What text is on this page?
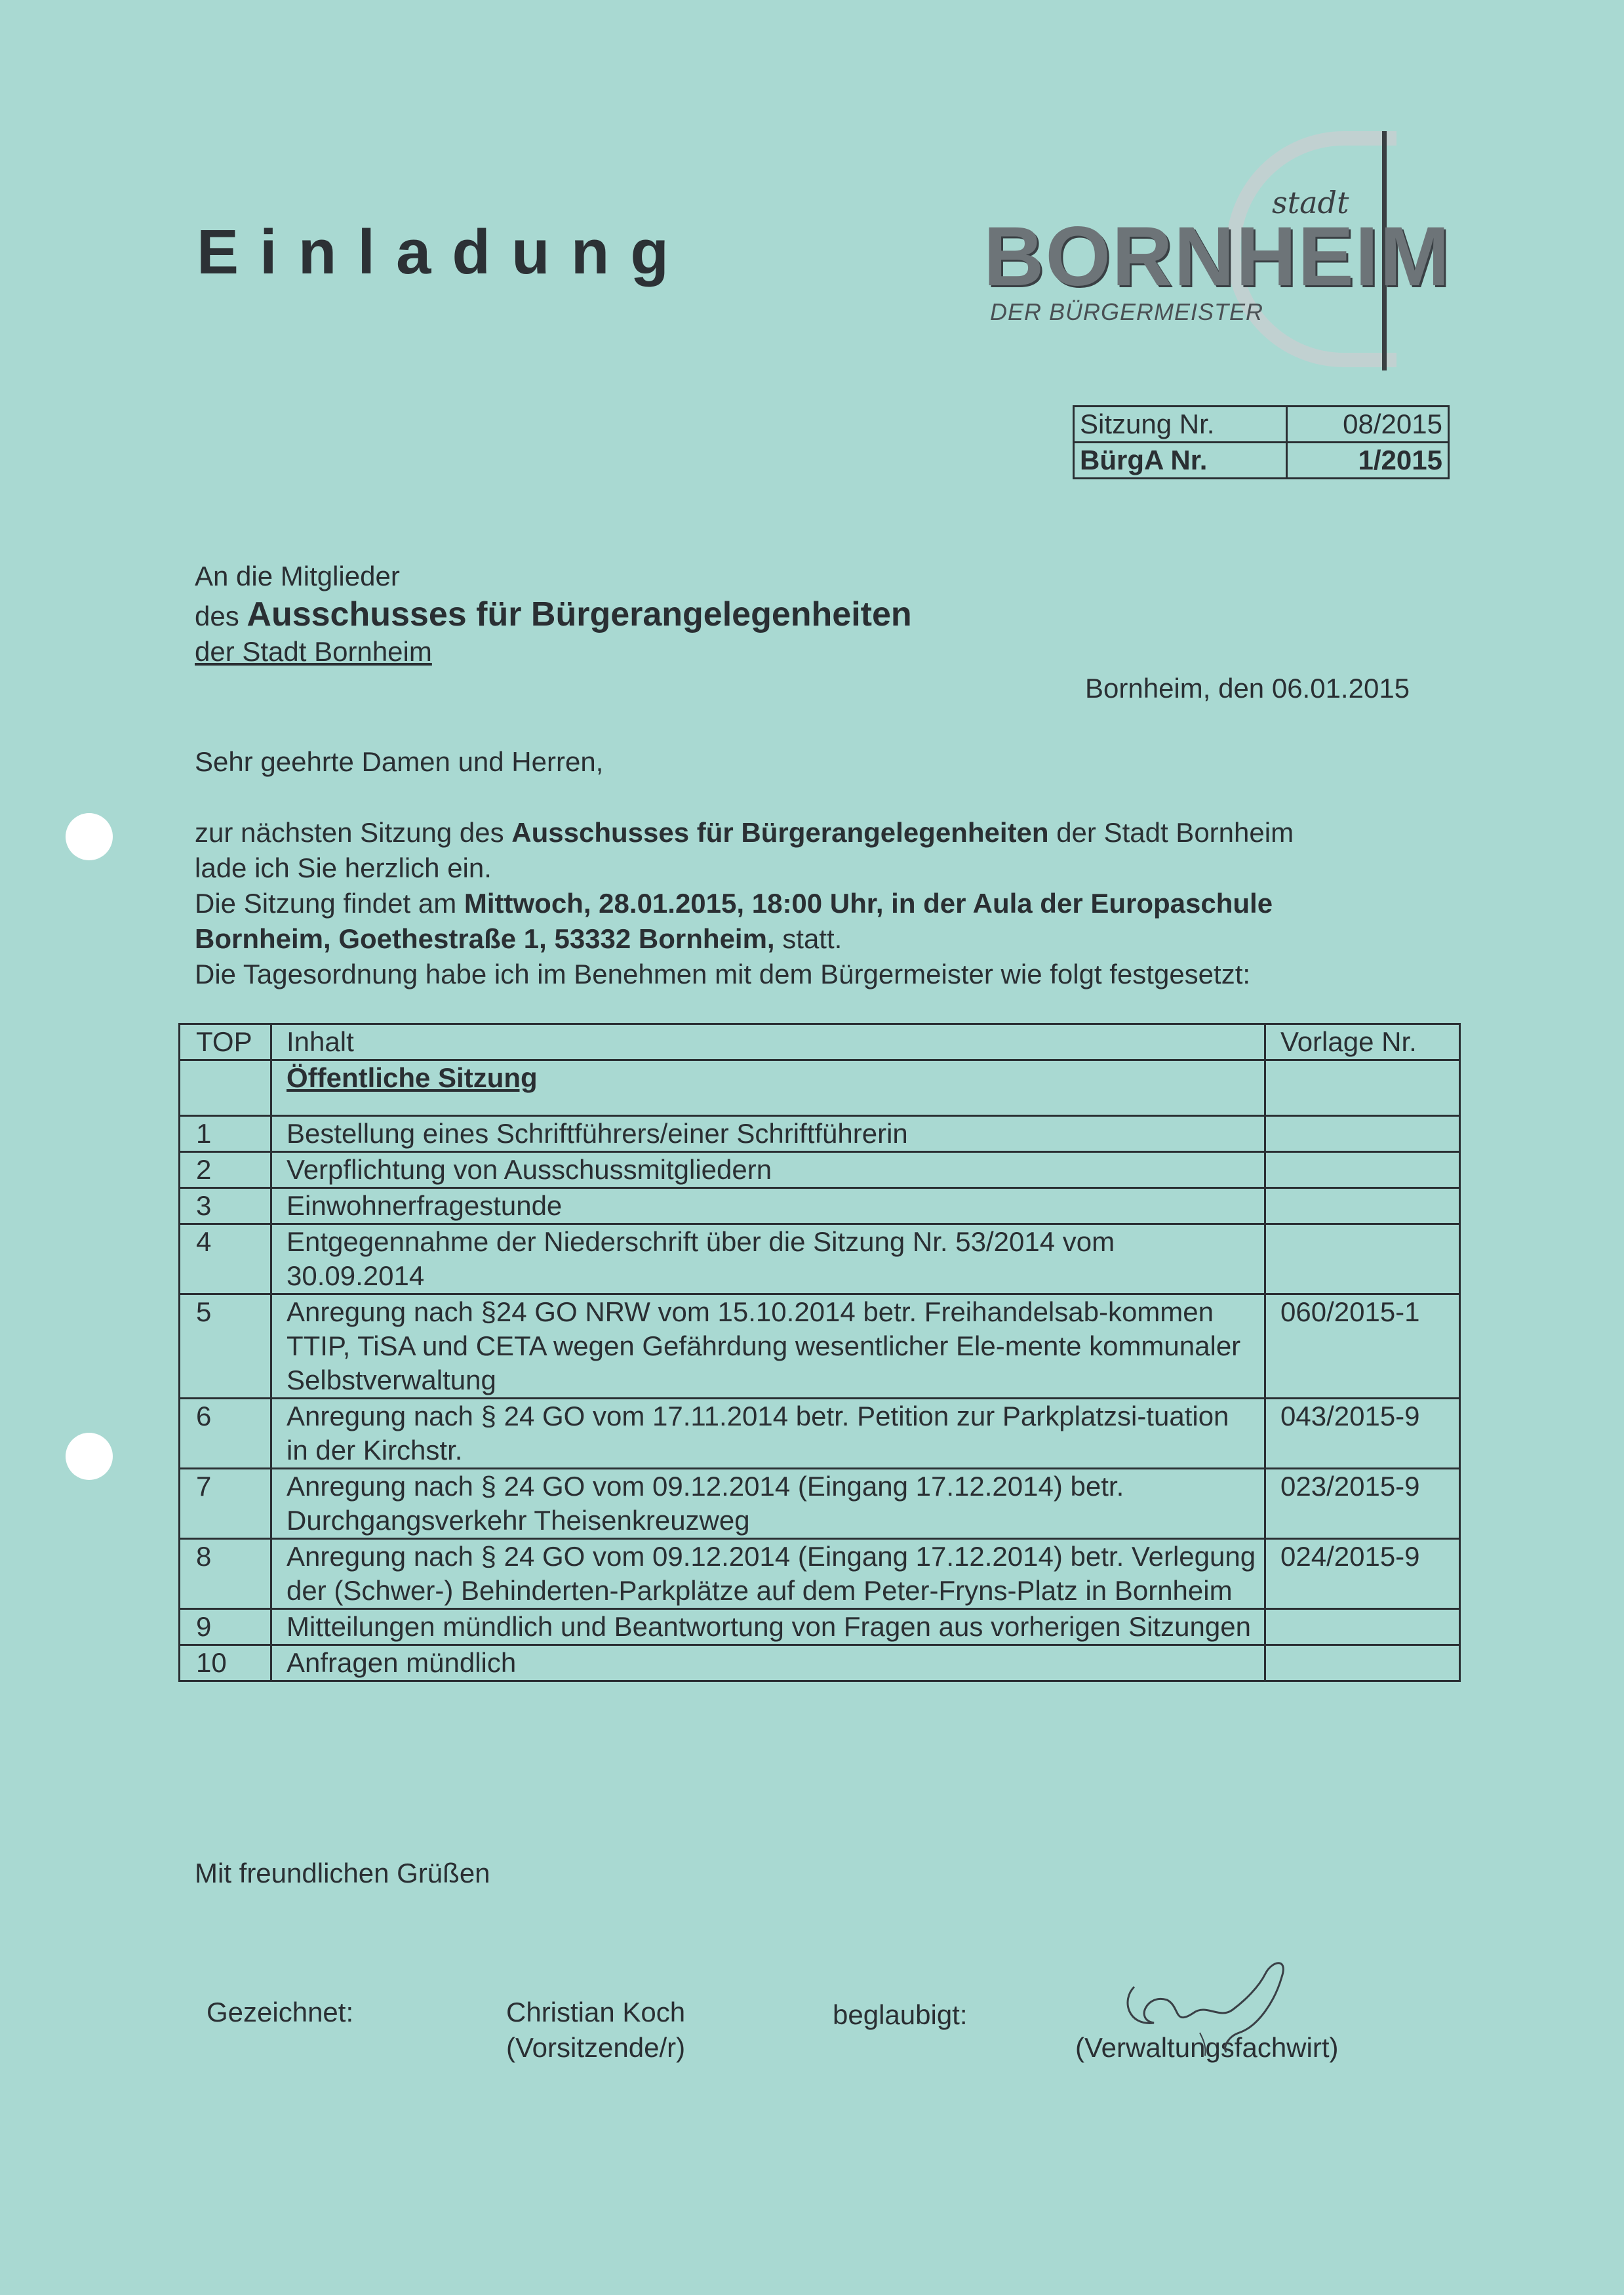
Einladung
stadt
BORNHEIM
DER BÜRGERMEISTER
Sitzung Nr.	08/2015
BürgA Nr.	1/2015
An die Mitglieder
des Ausschusses für Bürgerangelegenheiten
der Stadt Bornheim
Bornheim, den 06.01.2015
Sehr geehrte Damen und Herren,
zur nächsten Sitzung des Ausschusses für Bürgerangelegenheiten der Stadt Bornheim
lade ich Sie herzlich ein.
Die Sitzung findet am Mittwoch, 28.01.2015, 18:00 Uhr, in der Aula der Europaschule
Bornheim, Goethestraße 1, 53332 Bornheim, statt.
Die Tagesordnung habe ich im Benehmen mit dem Bürgermeister wie folgt festgesetzt:
TOP	Inhalt	Vorlage Nr.
	Öffentliche Sitzung	
1	Bestellung eines Schriftführers/einer Schriftführerin	
2	Verpflichtung von Ausschussmitgliedern	
3	Einwohnerfragestunde	
4	Entgegennahme der Niederschrift über die Sitzung Nr. 53/2014 vom 30.09.2014	
5	Anregung nach §24 GO NRW vom 15.10.2014 betr. Freihandelsab-kommen TTIP, TiSA und CETA wegen Gefährdung wesentlicher Ele-mente kommunaler Selbstverwaltung	060/2015-1
6	Anregung nach § 24 GO vom 17.11.2014 betr. Petition zur Parkplatzsi-tuation in der Kirchstr.	043/2015-9
7	Anregung nach § 24 GO vom 09.12.2014 (Eingang 17.12.2014) betr. Durchgangsverkehr Theisenkreuzweg	023/2015-9
8	Anregung nach § 24 GO vom 09.12.2014 (Eingang 17.12.2014) betr. Verlegung der (Schwer-) Behinderten-Parkplätze auf dem Peter-Fryns-Platz in Bornheim	024/2015-9
9	Mitteilungen mündlich und Beantwortung von Fragen aus vorherigen Sitzungen	
10	Anfragen mündlich	
Mit freundlichen Grüßen
Gezeichnet:	Christian Koch
(Vorsitzende/r)
beglaubigt:
(Verwaltungsfachwirt)
